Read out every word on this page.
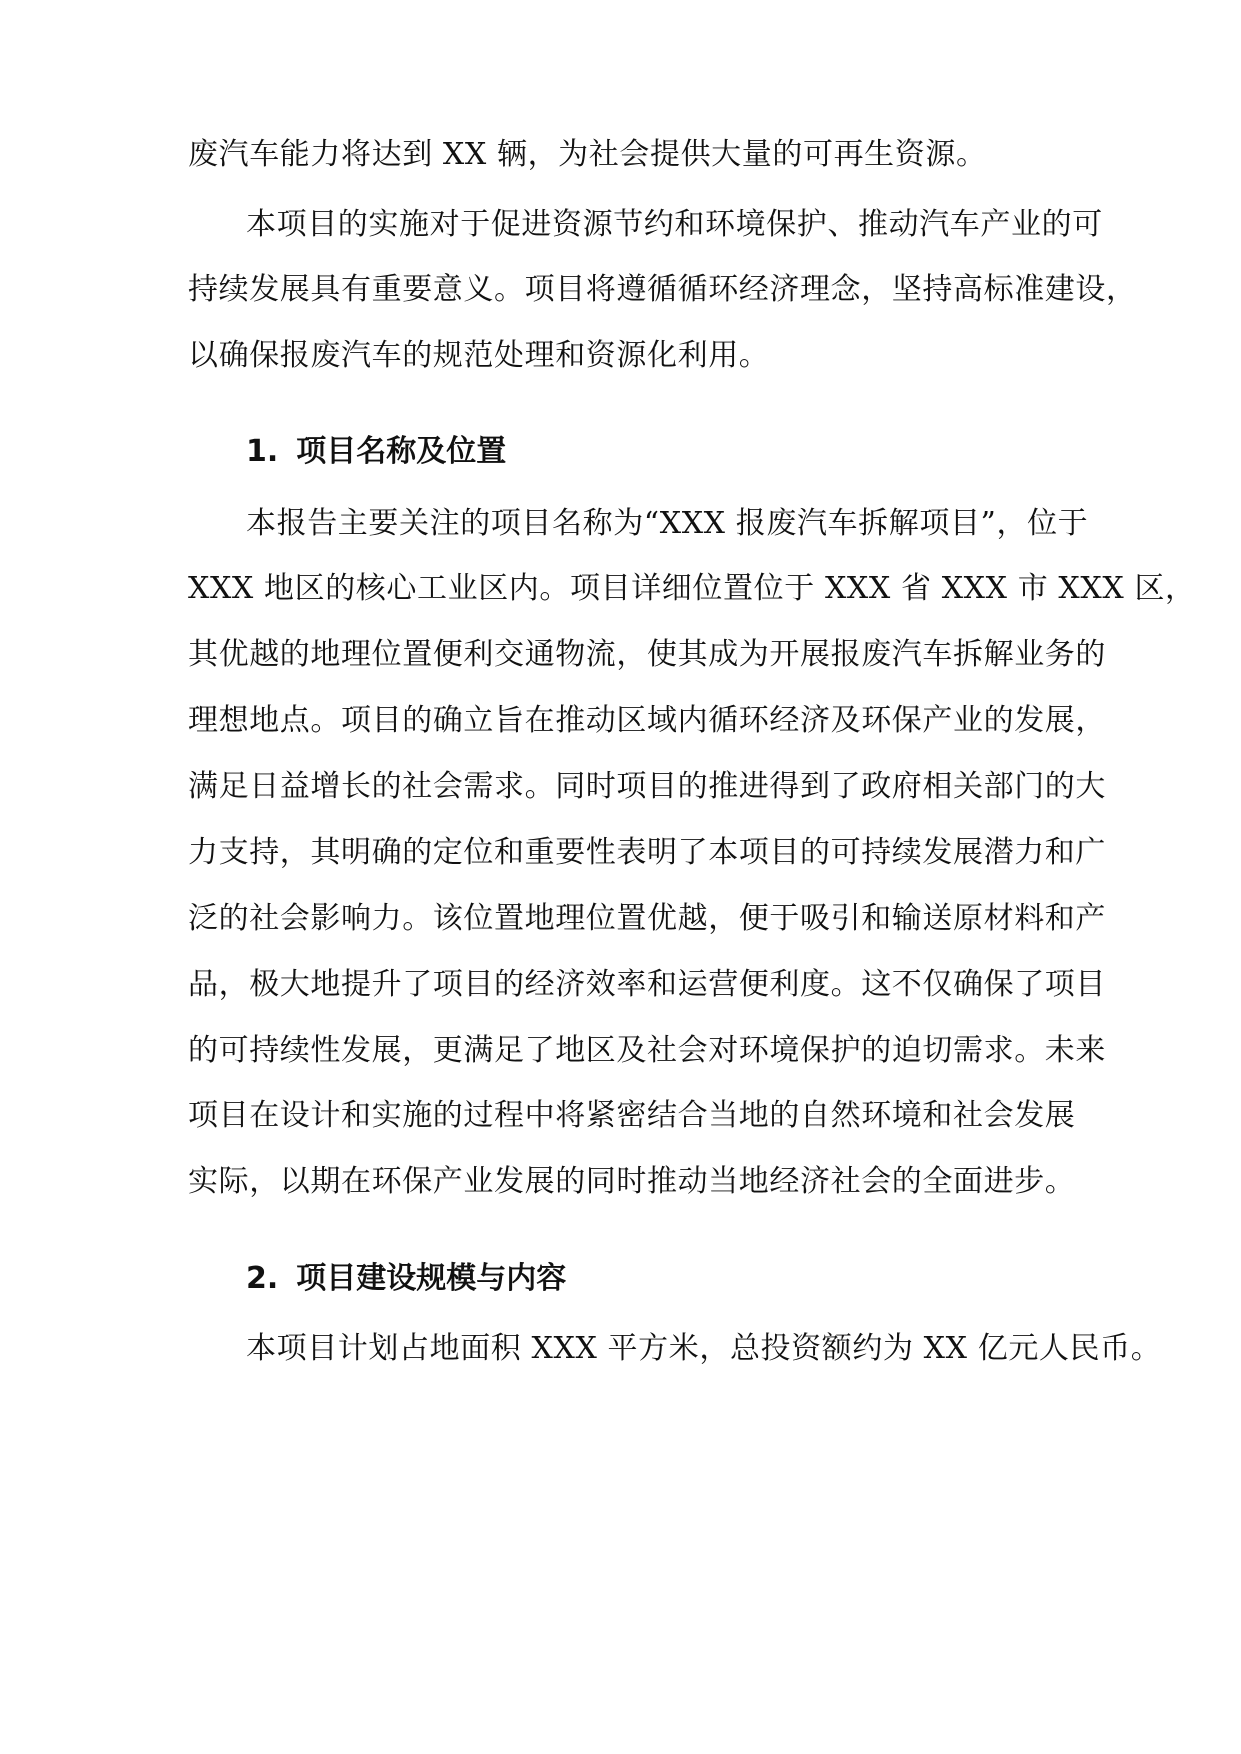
废汽车能力将达到 XX 辆，为社会提供大量的可再生资源。
本项目的实施对于促进资源节约和环境保护、推动汽车产业的可
持续发展具有重要意义。项目将遵循循环经济理念，坚持高标准建设，
以确保报废汽车的规范处理和资源化利用。
1. 项目名称及位置
本报告主要关注的项目名称为“XXX 报废汽车拆解项目”，位于
XXX 地区的核心工业区内。项目详细位置位于 XXX 省 XXX 市 XXX 区，
其优越的地理位置便利交通物流，使其成为开展报废汽车拆解业务的
理想地点。项目的确立旨在推动区域内循环经济及环保产业的发展，
满足日益增长的社会需求。同时项目的推进得到了政府相关部门的大
力支持，其明确的定位和重要性表明了本项目的可持续发展潜力和广
泛的社会影响力。该位置地理位置优越，便于吸引和输送原材料和产
品，极大地提升了项目的经济效率和运营便利度。这不仅确保了项目
的可持续性发展，更满足了地区及社会对环境保护的迫切需求。未来
项目在设计和实施的过程中将紧密结合当地的自然环境和社会发展
实际，以期在环保产业发展的同时推动当地经济社会的全面进步。
2. 项目建设规模与内容
本项目计划占地面积 XXX 平方米，总投资额约为 XX 亿元人民币。
